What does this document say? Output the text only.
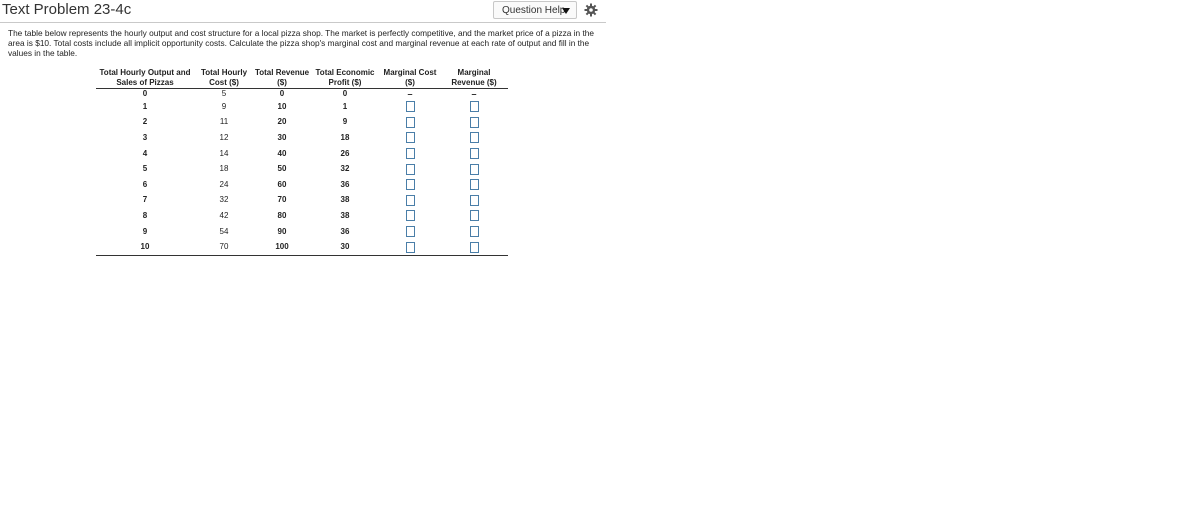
Text Problem 23-4c	Question Help
The table below represents the hourly output and cost structure for a local pizza shop. The market is perfectly competitive, and the market price of a pizza in the area is $10. Total costs include all implicit opportunity costs. Calculate the pizza shop's marginal cost and marginal revenue at each rate of output and fill in the values in the table.
Total Hourly Output and Sales of Pizzas	Total Hourly Cost ($)	Total Revenue ($)	Total Economic Profit ($)	Marginal Cost ($)	Marginal Revenue ($)
0	5	0	0	–	–
1	9	10	1		
2	11	20	9		
3	12	30	18		
4	14	40	26		
5	18	50	32		
6	24	60	36		
7	32	70	38		
8	42	80	38		
9	54	90	36		
10	70	100	30		
